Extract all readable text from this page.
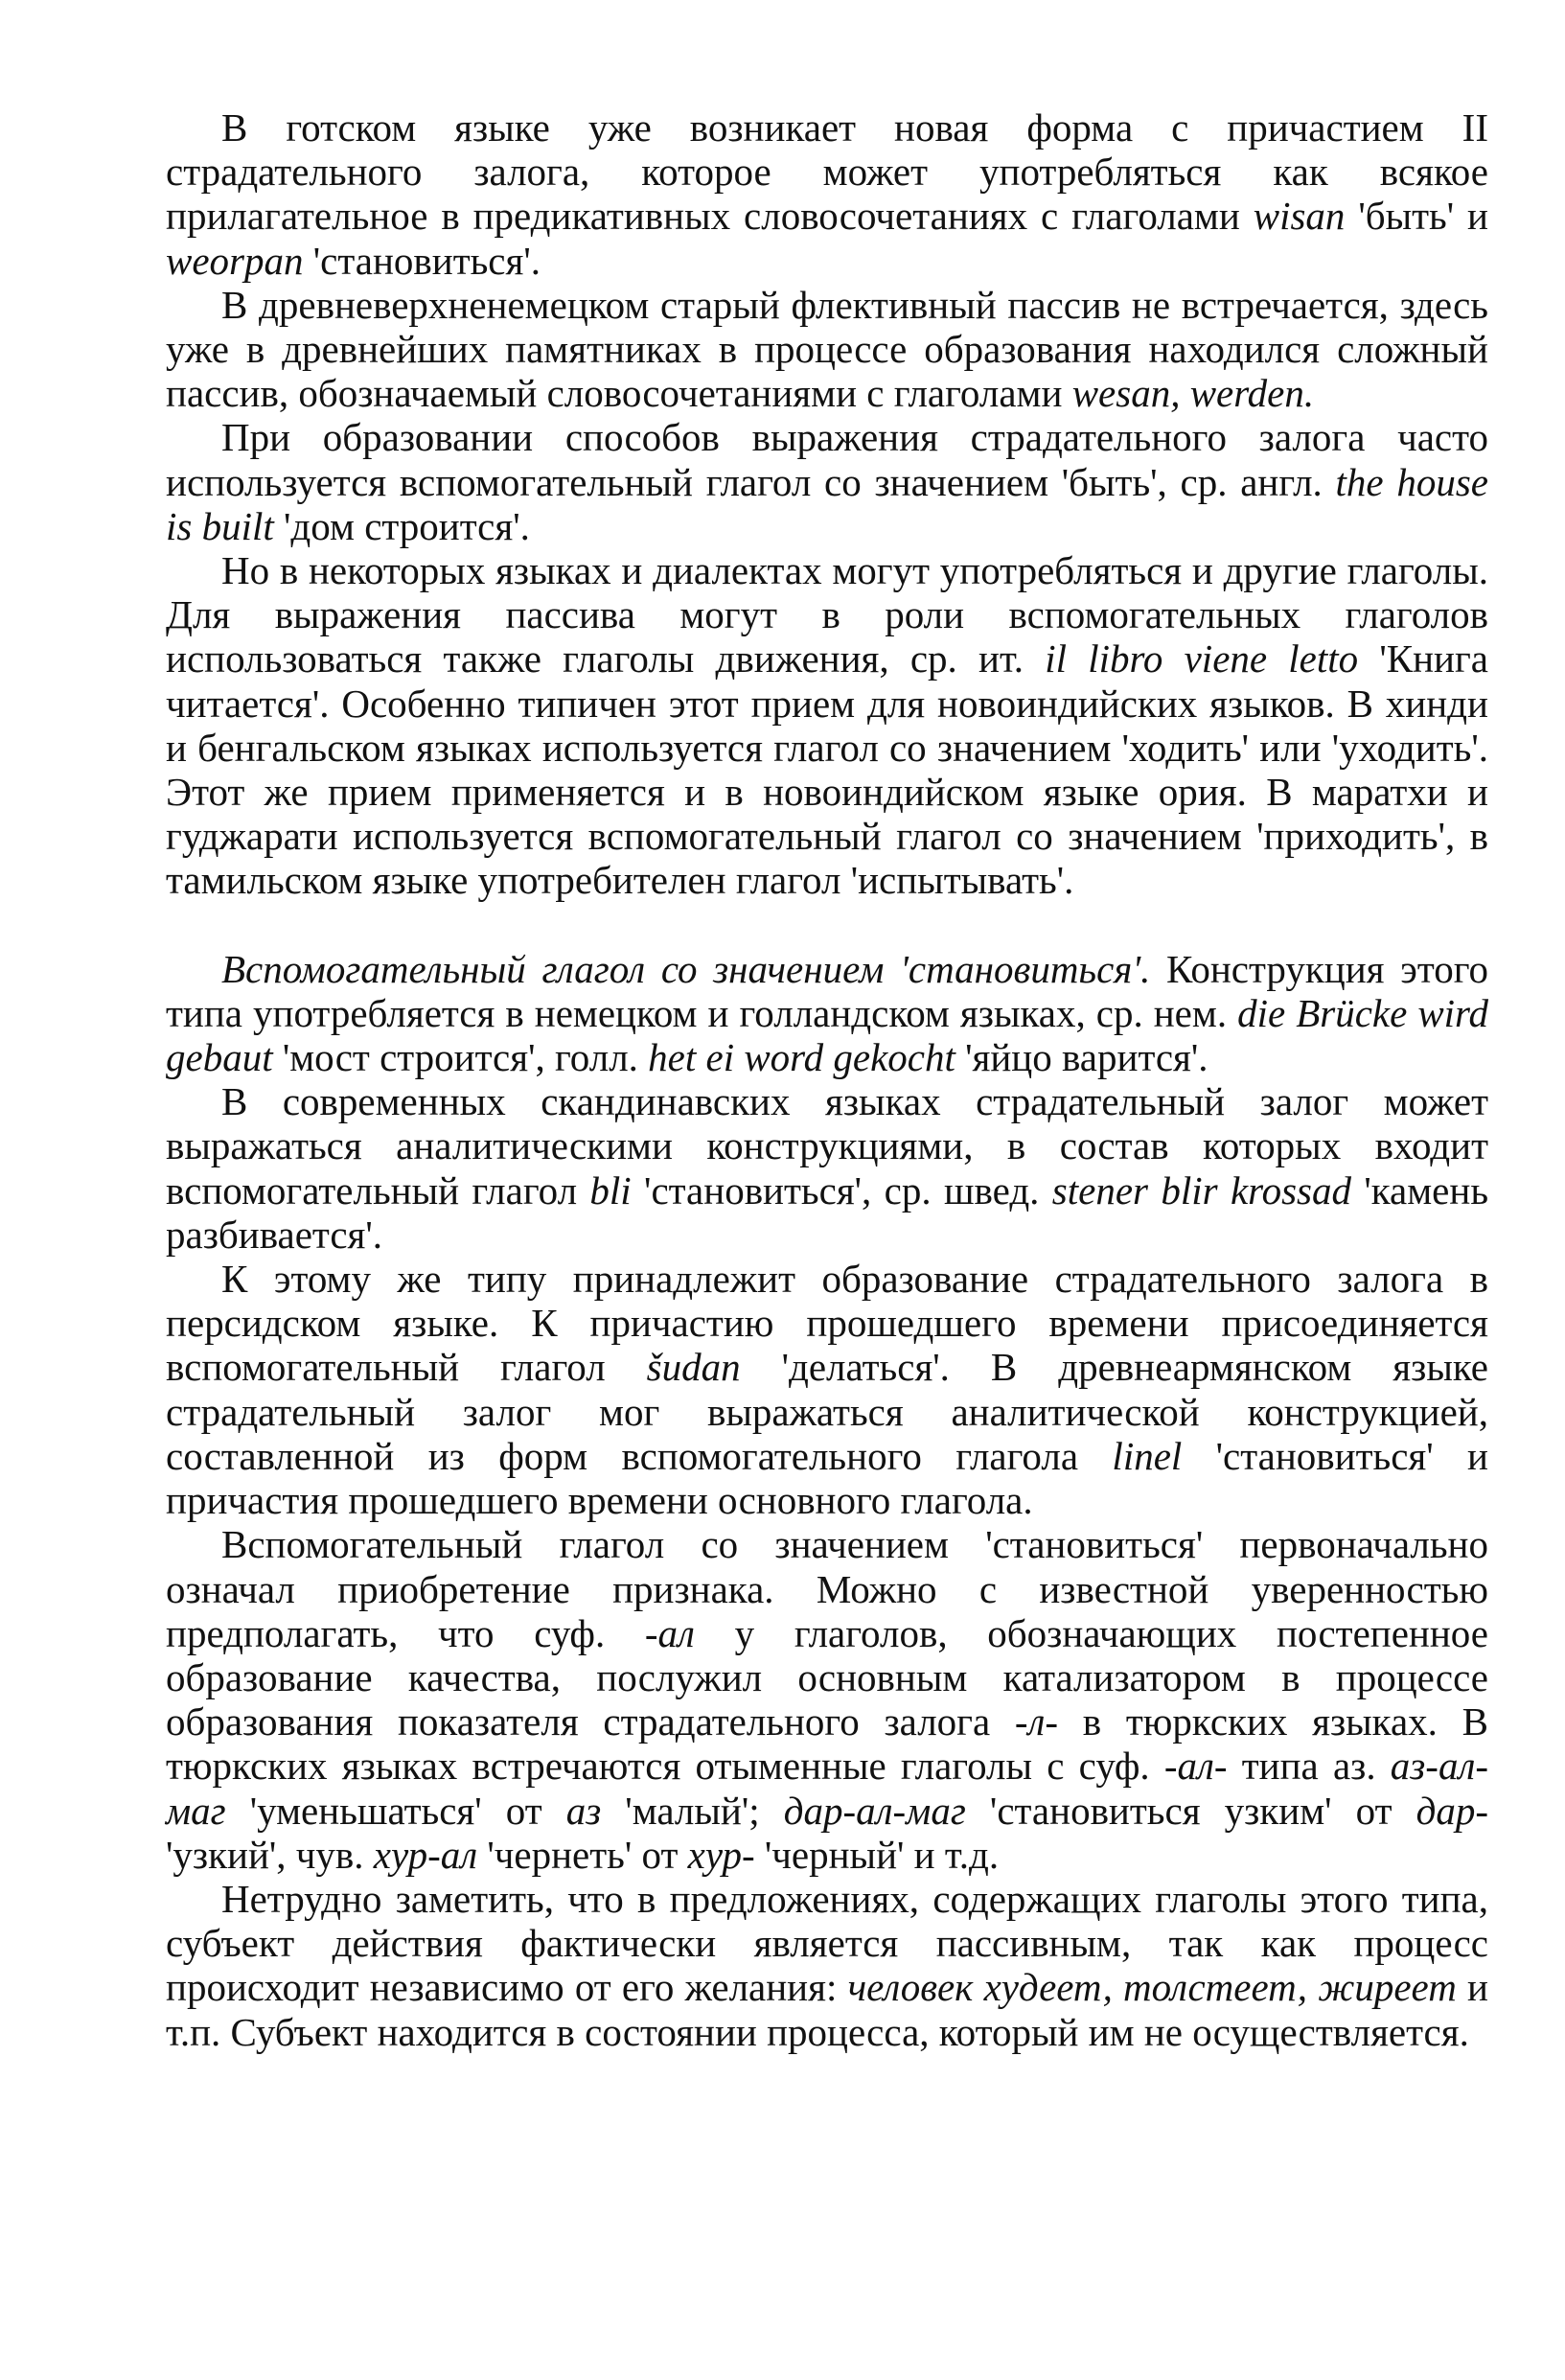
В готском языке уже возникает новая форма с причастием II страдательного залога, которое может употребляться как всякое прилагательное в предикативных словосочетаниях с глаголами wisan 'быть' и weorpan 'становиться'.

В древневерхненемецком старый флективный пассив не встречается, здесь уже в древнейших памятниках в процессе образования находился сложный пассив, обозначаемый словосочетаниями с глаголами wesan, werden.

При образовании способов выражения страдательного залога часто используется вспомогательный глагол со значением 'быть', ср. англ. the house is built 'дом строится'.

Но в некоторых языках и диалектах могут употребляться и другие глаголы. Для выражения пассива могут в роли вспомогательных глаголов использоваться также глаголы движения, ср. ит. il libro viene letto 'Книга читается'. Особенно типичен этот прием для новоиндийских языков. В хинди и бенгальском языках используется глагол со значением 'ходить' или 'уходить'. Этот же прием применяется и в новоиндийском языке ория. В маратхи и гуджарати используется вспомогательный глагол со значением 'приходить', в тамильском языке употребителен глагол 'испытывать'.

Вспомогательный глагол со значением 'становиться'. Конструкция этого типа употребляется в немецком и голландском языках, ср. нем. die Brücke wird gebaut 'мост строится', голл. het ei word gekocht 'яйцо варится'.

В современных скандинавских языках страдательный залог может выражаться аналитическими конструкциями, в состав которых входит вспомогательный глагол bli 'становиться', ср. швед. stener blir krossad 'камень разбивается'.

К этому же типу принадлежит образование страдательного залога в персидском языке. К причастию прошедшего времени присоединяется вспомогательный глагол šudan 'делаться'. В древнеармянском языке страдательный залог мог выражаться аналитической конструкцией, составленной из форм вспомогательного глагола linel 'становиться' и причастия прошедшего времени основного глагола.

Вспомогательный глагол со значением 'становиться' первоначально означал приобретение признака. Можно с известной уверенностью предполагать, что суф. -ал у глаголов, обозначающих постепенное образование качества, послужил основным катализатором в процессе образования показателя страдательного залога -л- в тюркских языках. В тюркских языках встречаются отыменные глаголы с суф. -ал- типа аз. аз-ал-маг 'уменьшаться' от аз 'малый'; дар-ал-маг 'становиться узким' от дар- 'узкий', чув. хур-ал 'чернеть' от хур- 'черный' и т.д.

Нетрудно заметить, что в предложениях, содержащих глаголы этого типа, субъект действия фактически является пассивным, так как процесс происходит независимо от его желания: человек худеет, толстеет, жиреет и т.п. Субъект находится в состоянии процесса, который им не осуществляется.
